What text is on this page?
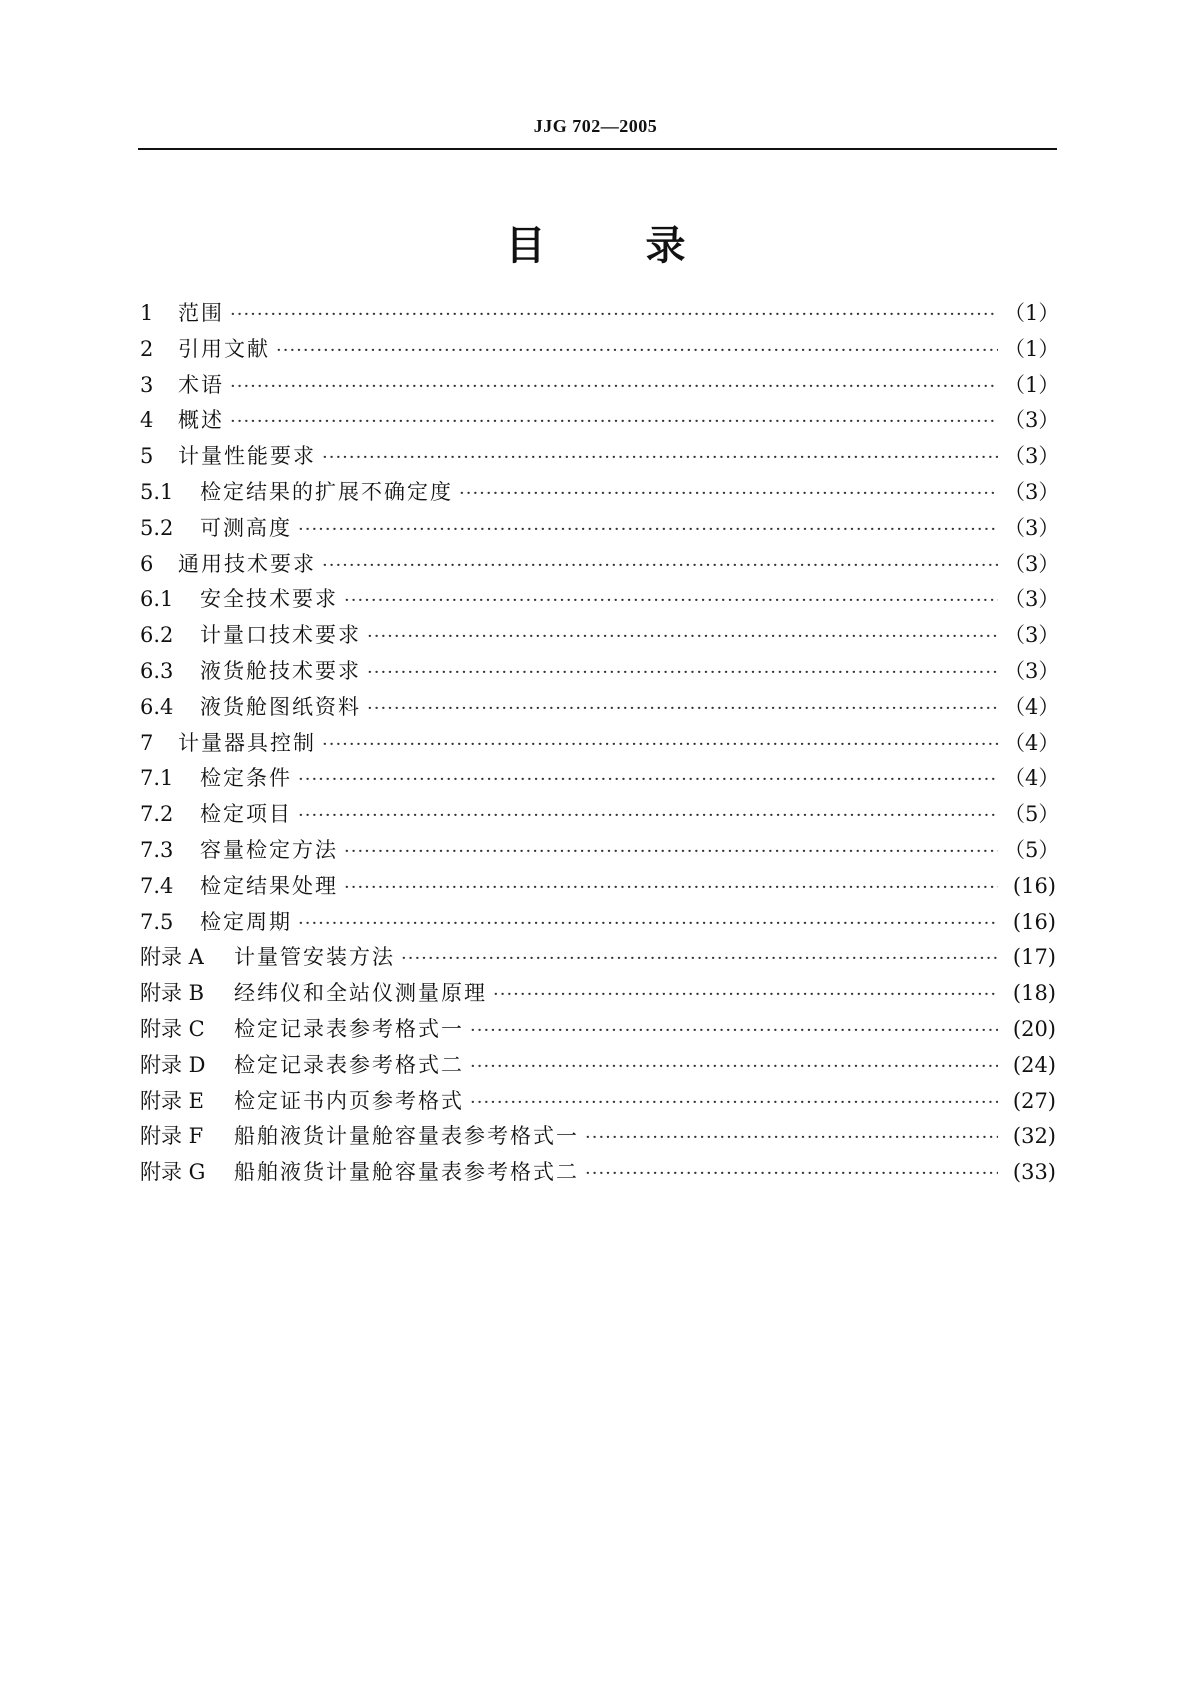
JJG 702—2005
目	录
1	范围 ·····	（1）
2	引用文献 ·····	（1）
3	术语 ·····	（1）
4	概述 ·····	（3）
5	计量性能要求 ·····	（3）
5.1	检定结果的扩展不确定度 ·····	（3）
5.2	可测高度 ·····	（3）
6	通用技术要求 ·····	（3）
6.1	安全技术要求 ·····	（3）
6.2	计量口技术要求 ·····	（3）
6.3	液货舱技术要求 ·····	（3）
6.4	液货舱图纸资料 ·····	（4）
7	计量器具控制 ·····	（4）
7.1	检定条件 ·····	（4）
7.2	检定项目 ·····	（5）
7.3	容量检定方法 ·····	（5）
7.4	检定结果处理 ·····	(16)
7.5	检定周期 ·····	(16)
附录 A	计量管安装方法 ·····	(17)
附录 B	经纬仪和全站仪测量原理 ·····	(18)
附录 C	检定记录表参考格式一 ·····	(20)
附录 D	检定记录表参考格式二 ·····	(24)
附录 E	检定证书内页参考格式 ·····	(27)
附录 F	船舶液货计量舱容量表参考格式一 ·····	(32)
附录 G	船舶液货计量舱容量表参考格式二 ·····	(33)
